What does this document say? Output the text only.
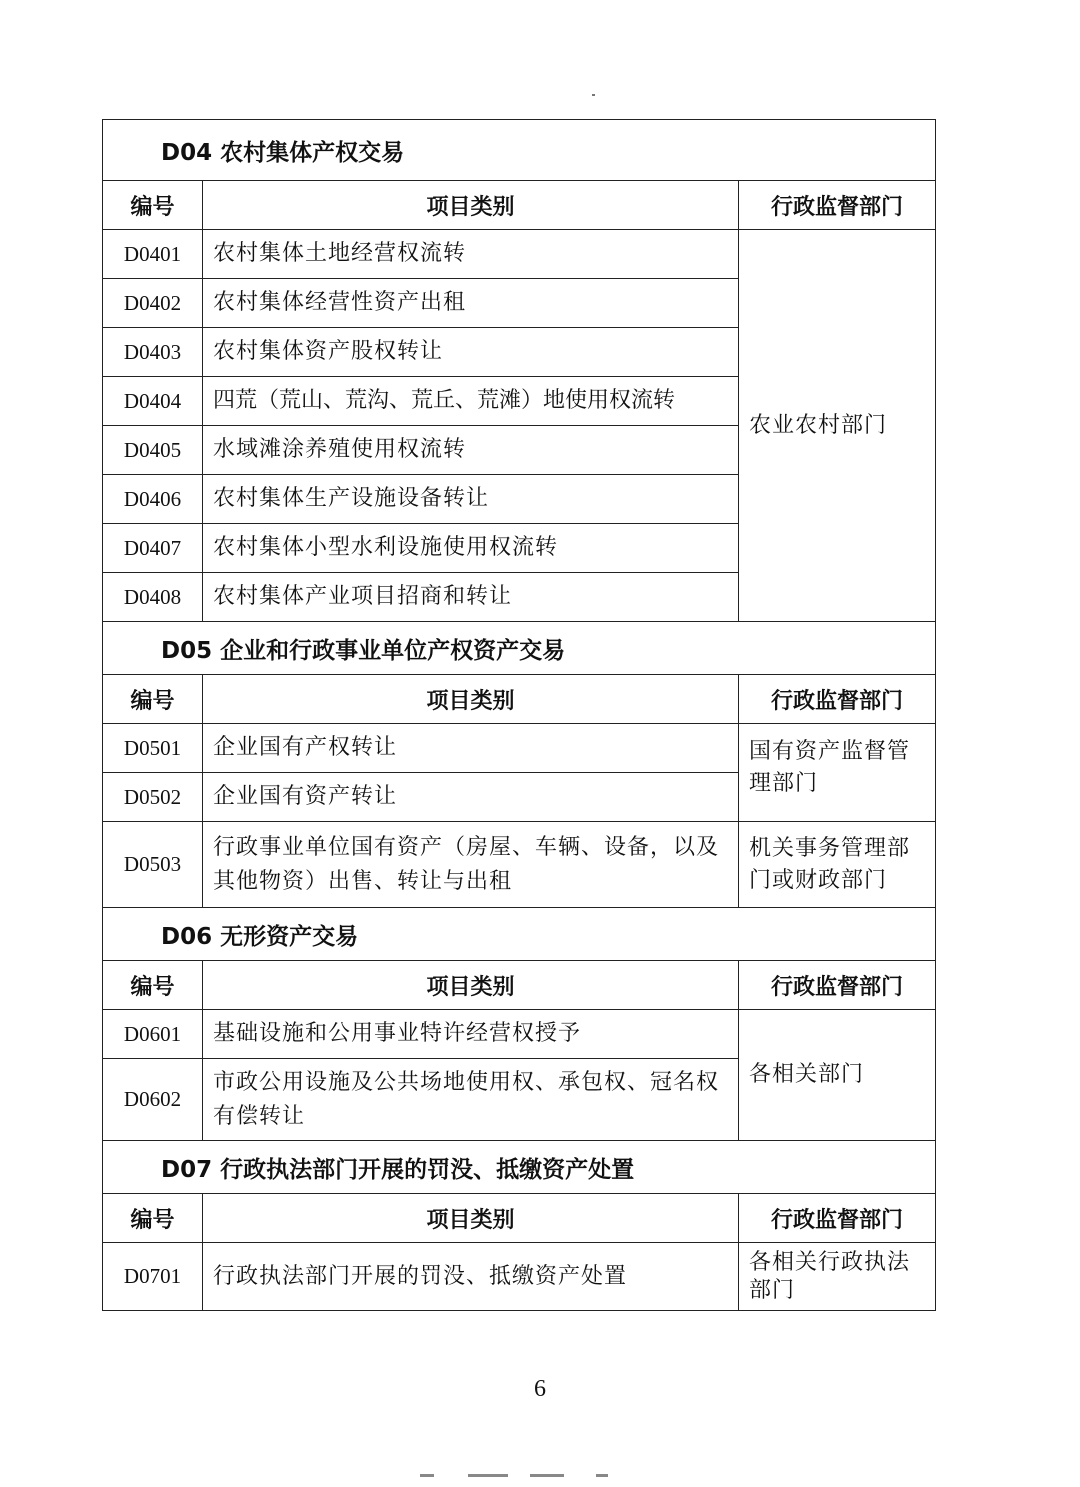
D04 农村集体产权交易		
编号	项目类别	行政监督部门
D0401	农村集体土地经营权流转	农业农村部门
D0402	农村集体经营性资产出租	
D0403	农村集体资产股权转让	
D0404	四荒（荒山、荒沟、荒丘、荒滩）地使用权流转	
D0405	水域滩涂养殖使用权流转	
D0406	农村集体生产设施设备转让	
D0407	农村集体小型水利设施使用权流转	
D0408	农村集体产业项目招商和转让	
D05 企业和行政事业单位产权资产交易		
编号	项目类别	行政监督部门
D0501	企业国有产权转让	国有资产监督管理部门
D0502	企业国有资产转让	
D0503	行政事业单位国有资产（房屋、车辆、设备，以及其他物资）出售、转让与出租	机关事务管理部门或财政部门
D06 无形资产交易		
编号	项目类别	行政监督部门
D0601	基础设施和公用事业特许经营权授予	各相关部门
D0602	市政公用设施及公共场地使用权、承包权、冠名权有偿转让	
D07 行政执法部门开展的罚没、抵缴资产处置		
编号	项目类别	行政监督部门
D0701	行政执法部门开展的罚没、抵缴资产处置	各相关行政执法部门
6
